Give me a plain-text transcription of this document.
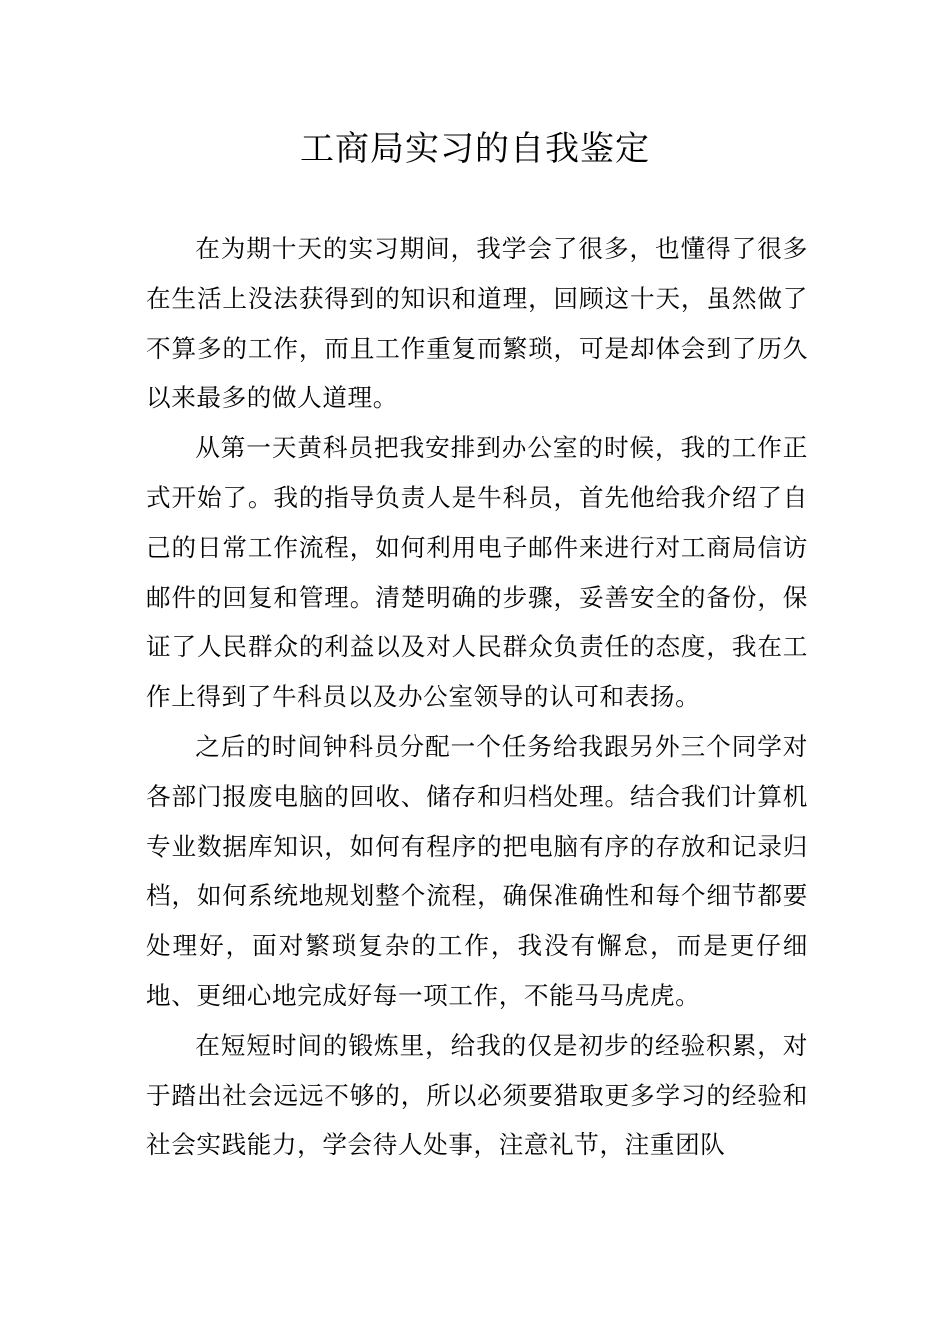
工商局实习的自我鉴定

在为期十天的实习期间，我学会了很多，也懂得了很多在生活上没法获得到的知识和道理，回顾这十天，虽然做了不算多的工作，而且工作重复而繁琐，可是却体会到了历久以来最多的做人道理。

从第一天黄科员把我安排到办公室的时候，我的工作正式开始了。我的指导负责人是牛科员，首先他给我介绍了自己的日常工作流程，如何利用电子邮件来进行对工商局信访邮件的回复和管理。清楚明确的步骤，妥善安全的备份，保证了人民群众的利益以及对人民群众负责任的态度，我在工作上得到了牛科员以及办公室领导的认可和表扬。

之后的时间钟科员分配一个任务给我跟另外三个同学对各部门报废电脑的回收、储存和归档处理。结合我们计算机专业数据库知识，如何有程序的把电脑有序的存放和记录归档，如何系统地规划整个流程，确保准确性和每个细节都要处理好，面对繁琐复杂的工作，我没有懈怠，而是更仔细地、更细心地完成好每一项工作，不能马马虎虎。

在短短时间的锻炼里，给我的仅是初步的经验积累，对于踏出社会远远不够的，所以必须要猎取更多学习的经验和社会实践能力，学会待人处事，注意礼节，注重团队
